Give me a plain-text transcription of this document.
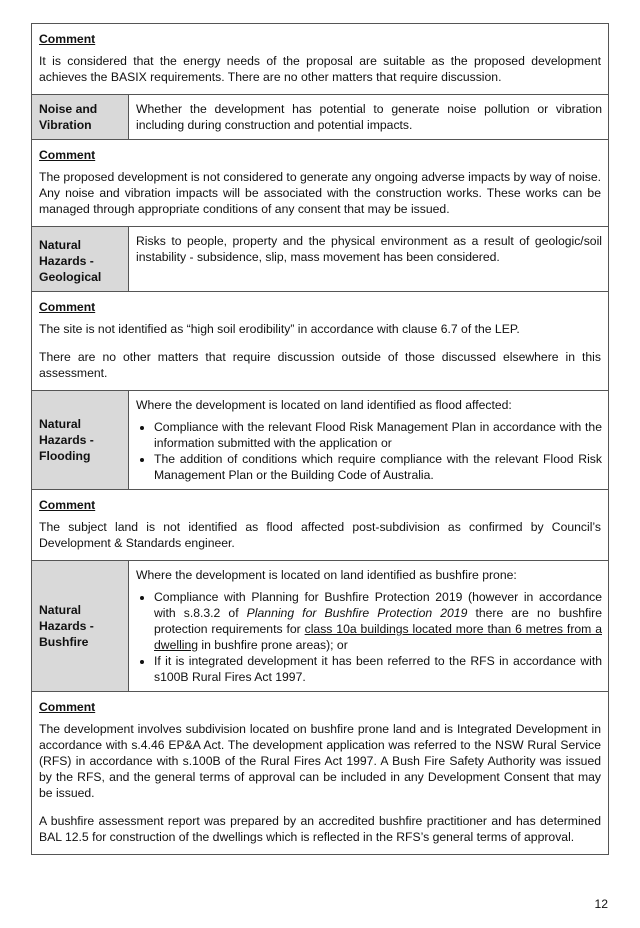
Comment

It is considered that the energy needs of the proposal are suitable as the proposed development achieves the BASIX requirements. There are no other matters that require discussion.

Noise and Vibration

Whether the development has potential to generate noise pollution or vibration including during construction and potential impacts.

Comment

The proposed development is not considered to generate any ongoing adverse impacts by way of noise. Any noise and vibration impacts will be associated with the construction works. These works can be managed through appropriate conditions of any consent that may be issued.

Natural Hazards - Geological

Risks to people, property and the physical environment as a result of geologic/soil instability - subsidence, slip, mass movement has been considered.

Comment

The site is not identified as “high soil erodibility” in accordance with clause 6.7 of the LEP.

There are no other matters that require discussion outside of those discussed elsewhere in this assessment.

Natural Hazards - Flooding

Where the development is located on land identified as flood affected:

• Compliance with the relevant Flood Risk Management Plan in accordance with the information submitted with the application or
• The addition of conditions which require compliance with the relevant Flood Risk Management Plan or the Building Code of Australia.
Comment

The subject land is not identified as flood affected post-subdivision as confirmed by Council’s Development & Standards engineer.

Natural Hazards - Bushfire

Where the development is located on land identified as bushfire prone:

• Compliance with Planning for Bushfire Protection 2019 (however in accordance with s.8.3.2 of Planning for Bushfire Protection 2019 there are no bushfire protection requirements for class 10a buildings located more than 6 metres from a dwelling in bushfire prone areas); or
• If it is integrated development it has been referred to the RFS in accordance with s100B Rural Fires Act 1997.
Comment

The development involves subdivision located on bushfire prone land and is Integrated Development in accordance with s.4.46 EP&A Act. The development application was referred to the NSW Rural Service (RFS) in accordance with s.100B of the Rural Fires Act 1997. A Bush Fire Safety Authority was issued by the RFS, and the general terms of approval can be included in any Development Consent that may be issued.

A bushfire assessment report was prepared by an accredited bushfire practitioner and has determined BAL 12.5 for construction of the dwellings which is reflected in the RFS’s general terms of approval.

12
